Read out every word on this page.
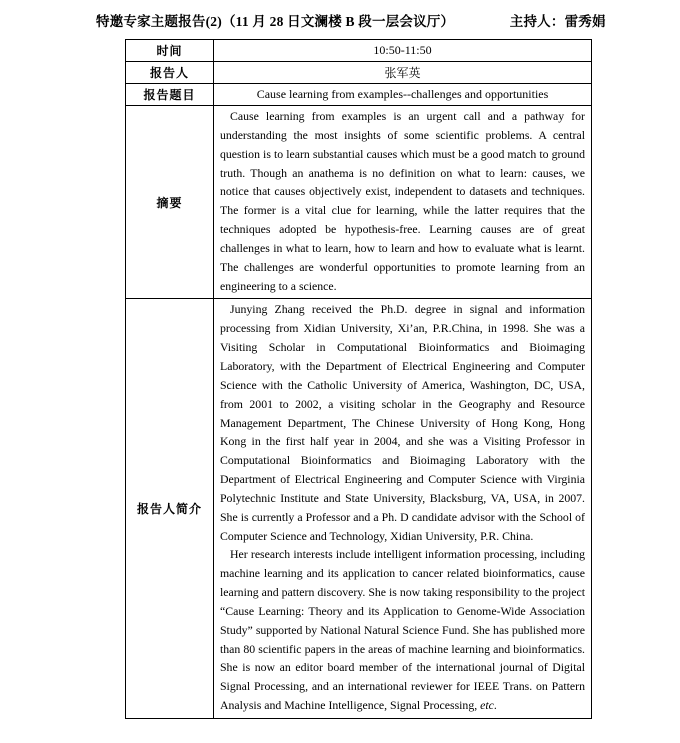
特邀专家主题报告(2)（11 月 28 日文澜楼 B 段一层会议厅）	主持人：雷秀娟
时间	10:50-11:50
报告人	张军英
报告题目	Cause learning from examples--challenges and opportunities
摘要	Cause learning from examples is an urgent call and a pathway for understanding the most insights of some scientific problems. A central question is to learn substantial causes which must be a good match to ground truth. Though an anathema is no definition on what to learn: causes, we notice that causes objectively exist, independent to datasets and techniques. The former is a vital clue for learning, while the latter requires that the techniques adopted be hypothesis-free. Learning causes are of great challenges in what to learn, how to learn and how to evaluate what is learnt. The challenges are wonderful opportunities to promote learning from an engineering to a science.

报告人简介	Junying Zhang received the Ph.D. degree in signal and information processing from Xidian University, Xi’an, P.R.China, in 1998. She was a Visiting Scholar in Computational Bioinformatics and Bioimaging Laboratory, with the Department of Electrical Engineering and Computer Science with the Catholic University of America, Washington, DC, USA, from 2001 to 2002, a visiting scholar in the Geography and Resource Management Department, The Chinese University of Hong Kong, Hong Kong in the first half year in 2004, and she was a Visiting Professor in Computational Bioinformatics and Bioimaging Laboratory with the Department of Electrical Engineering and Computer Science with Virginia Polytechnic Institute and State University, Blacksburg, VA, USA, in 2007. She is currently a Professor and a Ph. D candidate advisor with the School of Computer Science and Technology, Xidian University, P.R. China.

Her research interests include intelligent information processing, including machine learning and its application to cancer related bioinformatics, cause learning and pattern discovery. She is now taking responsibility to the project “Cause Learning: Theory and its Application to Genome-Wide Association Study” supported by National Natural Science Fund. She has published more than 80 scientific papers in the areas of machine learning and bioinformatics. She is now an editor board member of the international journal of Digital Signal Processing, and an international reviewer for IEEE Trans. on Pattern Analysis and Machine Intelligence, Signal Processing, etc.
